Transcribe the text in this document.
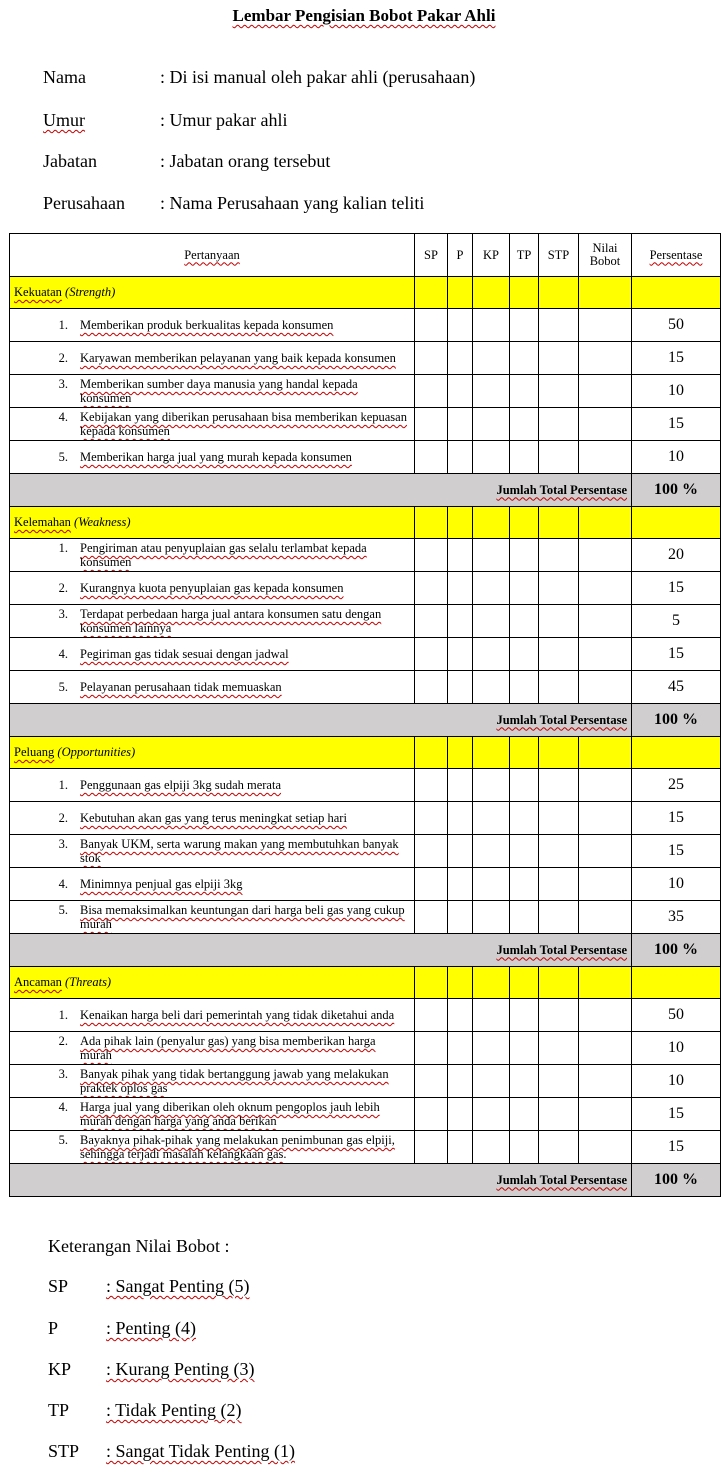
Lembar Pengisian Bobot Pakar Ahli
Nama	: Di isi manual oleh pakar ahli (perusahaan)
Umur	: Umur pakar ahli
Jabatan	: Jabatan orang tersebut
Perusahaan : Nama Perusahaan yang kalian teliti
Pertanyaan	SP	P	KP	TP	STP	Nilai Bobot	Persentase
Kekuatan (Strength)							

1. Memberikan produk berkualitas kepada konsumen							50

2. Karyawan memberikan pelayanan yang baik kepada konsumen							15

3. Memberikan sumber daya manusia yang handal kepada konsumen							10

4. Kebijakan yang diberikan perusahaan bisa memberikan kepuasan kepada konsumen							15

5. Memberikan harga jual yang murah kepada konsumen							10
Jumlah Total Persentase							100 %
Kelemahan (Weakness)							

1. Pengiriman atau penyuplaian gas selalu terlambat kepada konsumen							20

2. Kurangnya kuota penyuplaian gas kepada konsumen							15

3. Terdapat perbedaan harga jual antara konsumen satu dengan konsumen lainnya							5

4. Pegiriman gas tidak sesuai dengan jadwal							15

5. Pelayanan perusahaan tidak memuaskan							45
Jumlah Total Persentase							100 %
Peluang (Opportunities)							

1. Penggunaan gas elpiji 3kg sudah merata							25

2. Kebutuhan akan gas yang terus meningkat setiap hari							15

3. Banyak UKM, serta warung makan yang membutuhkan banyak stok							15

4. Minimnya penjual gas elpiji 3kg							10

5. Bisa memaksimalkan keuntungan dari harga beli gas yang cukup murah							35
Jumlah Total Persentase							100 %
Ancaman (Threats)							

1. Kenaikan harga beli dari pemerintah yang tidak diketahui anda							50

2. Ada pihak lain (penyalur gas) yang bisa memberikan harga murah							10

3. Banyak pihak yang tidak bertanggung jawab yang melakukan praktek oplos gas							10

4. Harga jual yang diberikan oleh oknum pengoplos jauh lebih murah dengan harga yang anda berikan							15

5. Bayaknya pihak-pihak yang melakukan penimbunan gas elpiji, sehingga terjadi masalah kelangkaan gas.							15
Jumlah Total Persentase							100 %
Keterangan Nilai Bobot :
SP : Sangat Penting (5)
P	: Penting (4)
KP : Kurang Penting (3)
TP : Tidak Penting (2)
STP : Sangat Tidak Penting (1)
